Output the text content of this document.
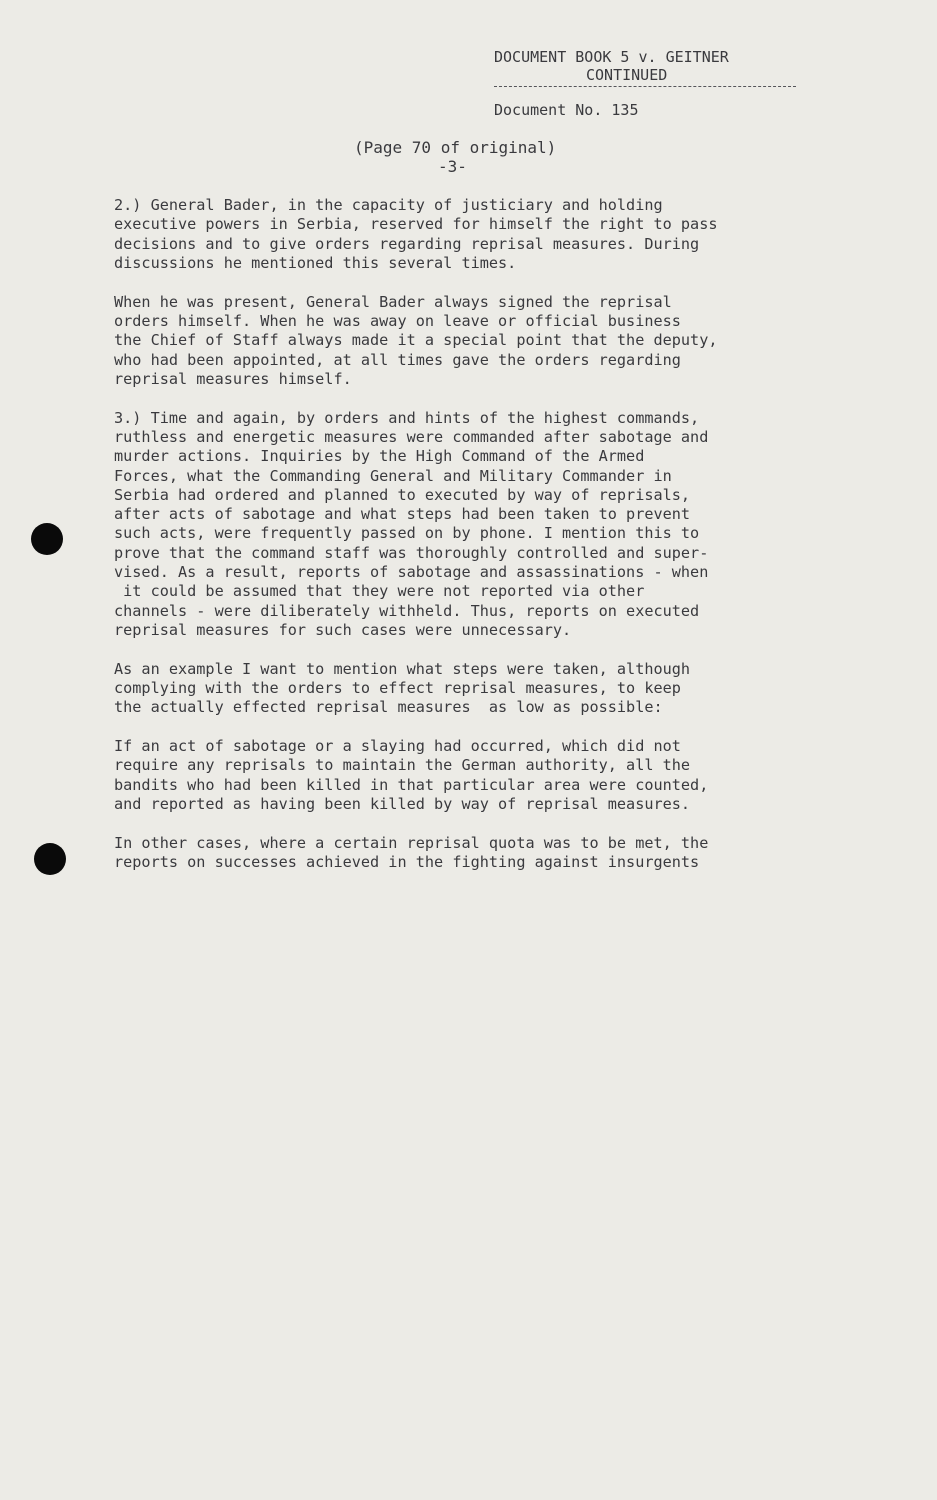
DOCUMENT BOOK 5 v. GEITNER
CONTINUED
Document No. 135
(Page 70 of original)
-3-
2.) General Bader, in the capacity of justiciary and holding
executive powers in Serbia, reserved for himself the right to pass
decisions and to give orders regarding reprisal measures. During
discussions he mentioned this several times.
When he was present, General Bader always signed the reprisal
orders himself. When he was away on leave or official business
the Chief of Staff always made it a special point that the deputy,
who had been appointed, at all times gave the orders regarding
reprisal measures himself.
3.) Time and again, by orders and hints of the highest commands,
ruthless and energetic measures were commanded after sabotage and
murder actions. Inquiries by the High Command of the Armed
Forces, what the Commanding General and Military Commander in
Serbia had ordered and planned to executed by way of reprisals,
after acts of sabotage and what steps had been taken to prevent
such acts, were frequently passed on by phone. I mention this to
prove that the command staff was thoroughly controlled and super-
vised. As a result, reports of sabotage and assassinations - when
it could be assumed that they were not reported via other
channels - were diliberately withheld. Thus, reports on executed
reprisal measures for such cases were unnecessary.
As an example I want to mention what steps were taken, although
complying with the orders to effect reprisal measures, to keep
the actually effected reprisal measures  as low as possible:
If an act of sabotage or a slaying had occurred, which did not
require any reprisals to maintain the German authority, all the
bandits who had been killed in that particular area were counted,
and reported as having been killed by way of reprisal measures.
In other cases, where a certain reprisal quota was to be met, the
reports on successes achieved in the fighting against insurgents
